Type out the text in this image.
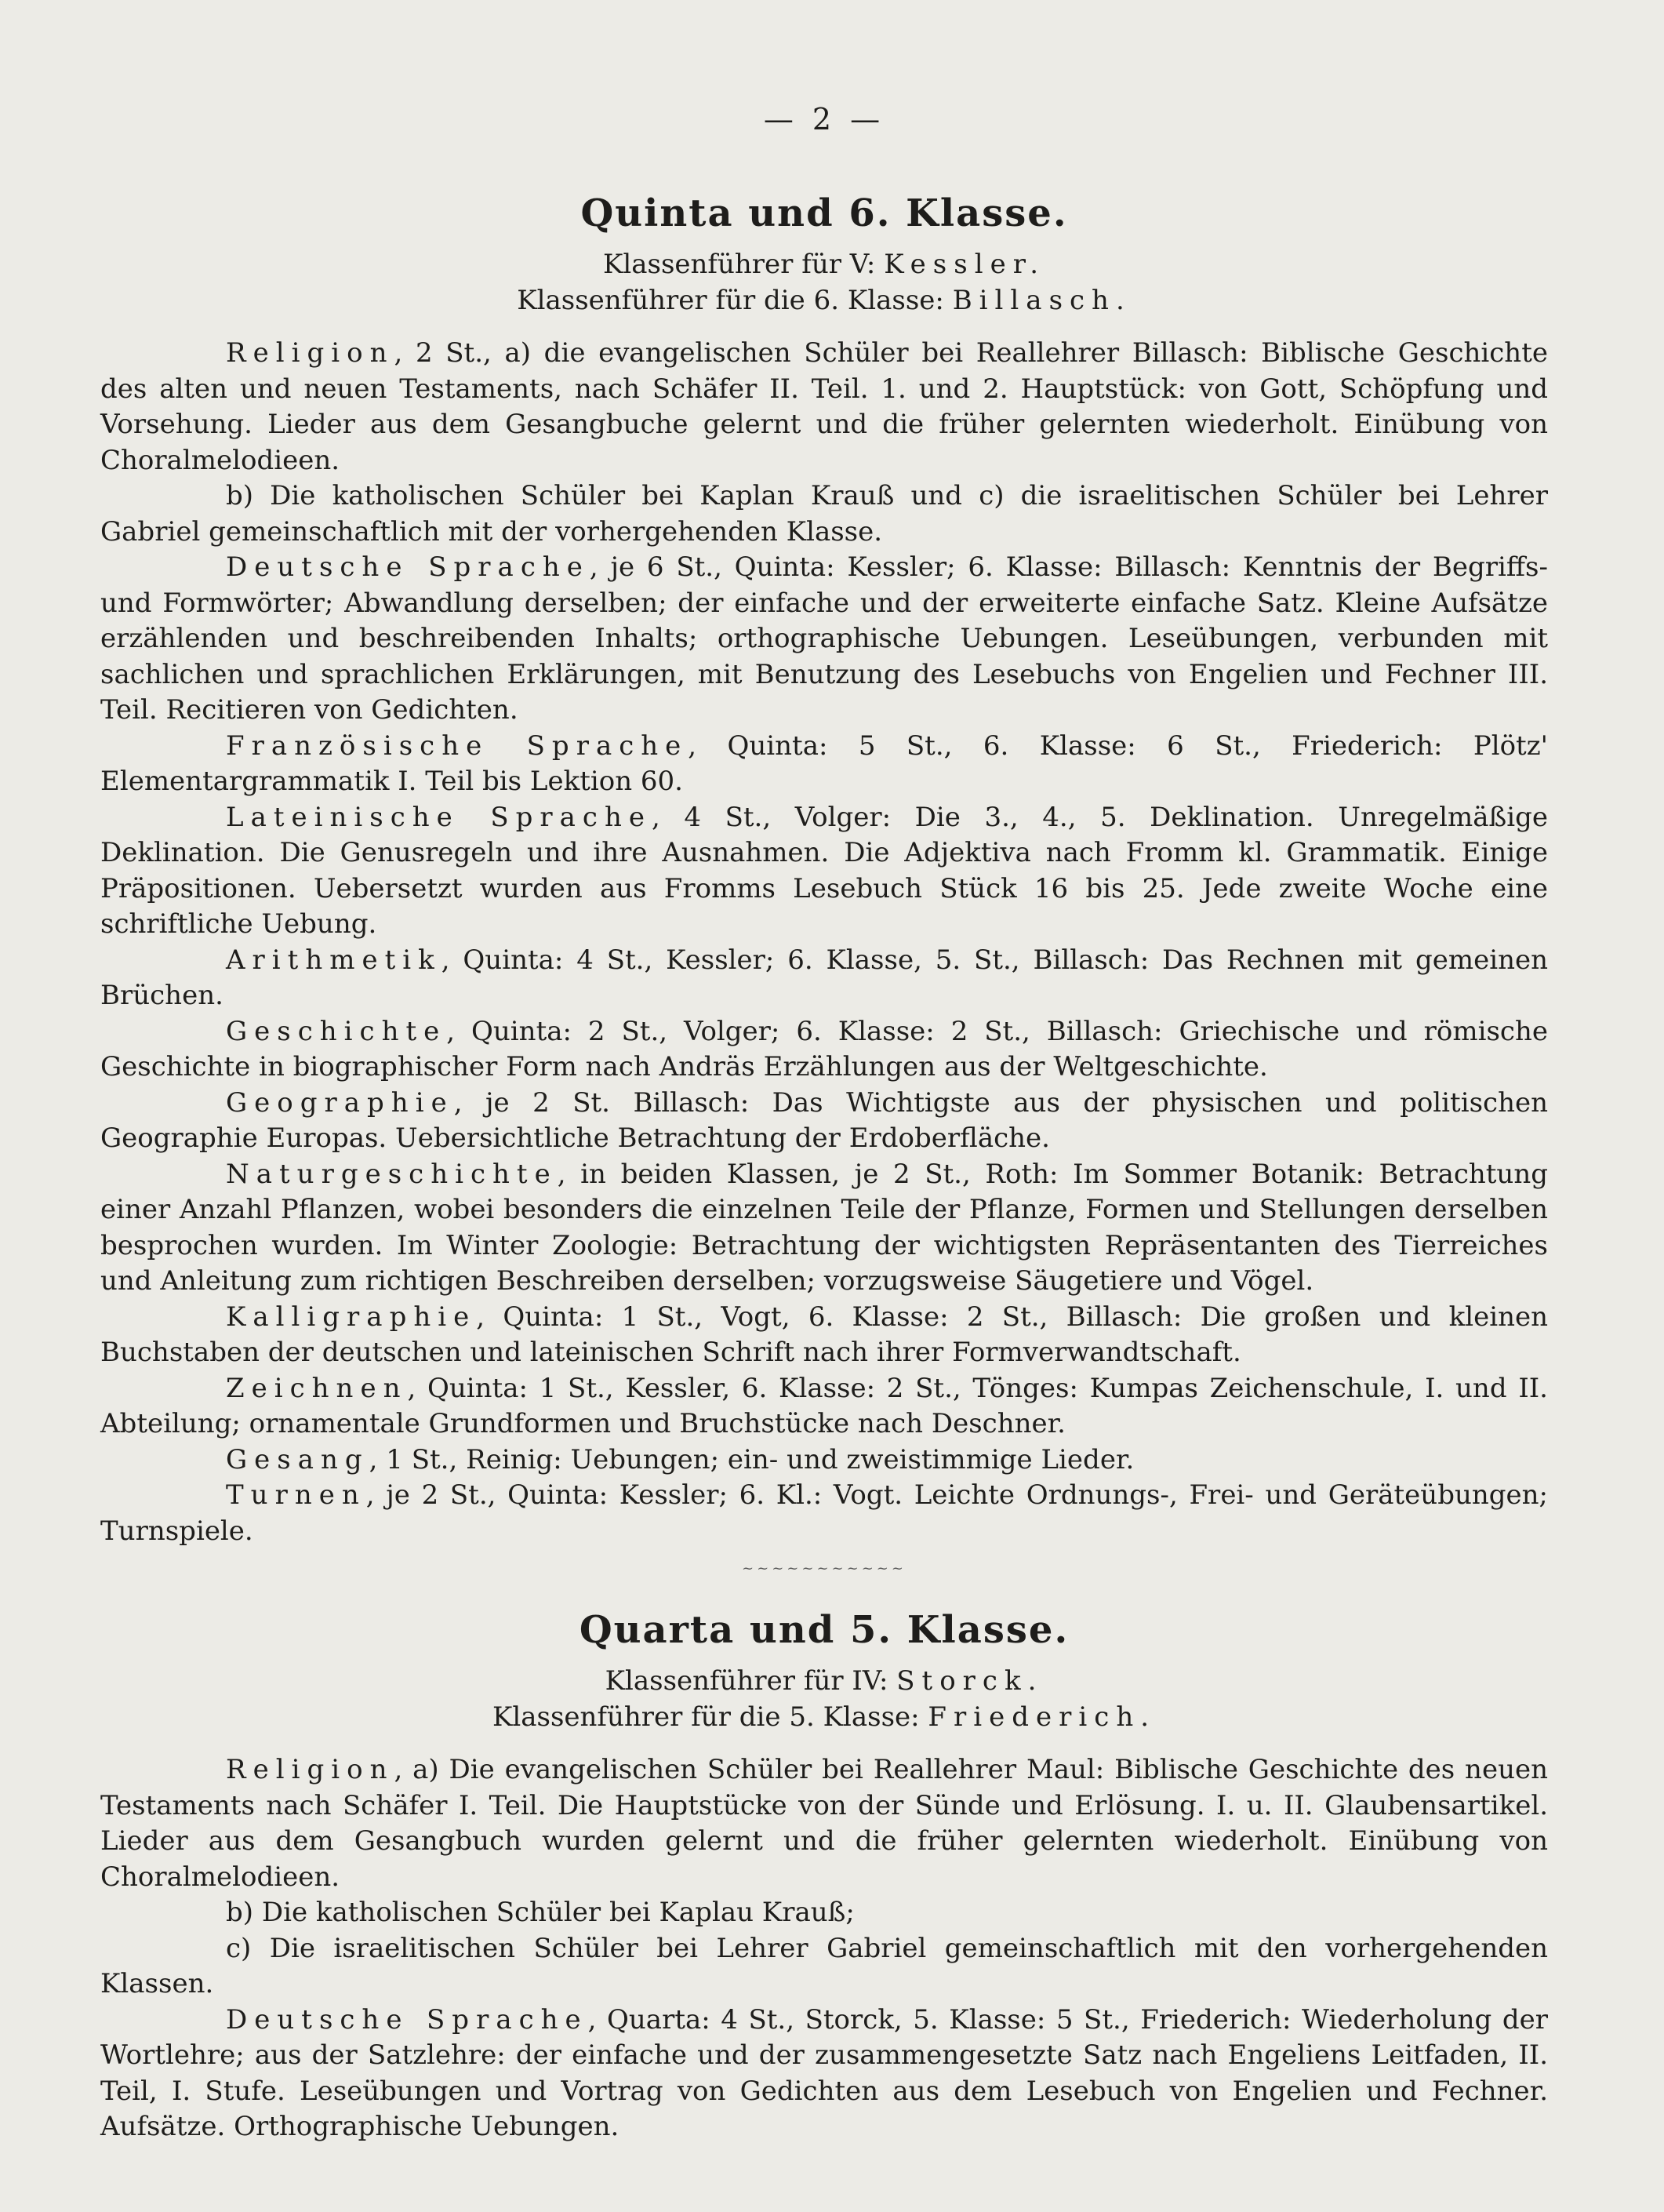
— 2 —
Quinta und 6. Klasse.

Klassenführer für V: Kessler.

Klassenführer für die 6. Klasse: Billasch.

Religion, 2 St., a) die evangelischen Schüler bei Reallehrer Billasch: Biblische Geschichte des alten und neuen Testaments, nach Schäfer II. Teil. 1. und 2. Hauptstück: von Gott, Schöpfung und Vorsehung. Lieder aus dem Gesangbuche gelernt und die früher gelernten wiederholt. Einübung von Choralmelodieen.

b) Die katholischen Schüler bei Kaplan Krauß und c) die israelitischen Schüler bei Lehrer Gabriel gemeinschaftlich mit der vorhergehenden Klasse.

Deutsche Sprache, je 6 St., Quinta: Kessler; 6. Klasse: Billasch: Kenntnis der Begriffs- und Formwörter; Abwandlung derselben; der einfache und der erweiterte einfache Satz. Kleine Aufsätze erzählenden und beschreibenden Inhalts; orthographische Uebungen. Leseübungen, verbunden mit sachlichen und sprachlichen Erklärungen, mit Benutzung des Lesebuchs von Engelien und Fechner III. Teil. Recitieren von Gedichten.

Französische Sprache, Quinta: 5 St., 6. Klasse: 6 St., Friederich: Plötz' Elementargrammatik I. Teil bis Lektion 60.

Lateinische Sprache, 4 St., Volger: Die 3., 4., 5. Deklination. Unregelmäßige Deklination. Die Genusregeln und ihre Ausnahmen. Die Adjektiva nach Fromm kl. Grammatik. Einige Präpositionen. Uebersetzt wurden aus Fromms Lesebuch Stück 16 bis 25. Jede zweite Woche eine schriftliche Uebung.

Arithmetik, Quinta: 4 St., Kessler; 6. Klasse, 5. St., Billasch: Das Rechnen mit gemeinen Brüchen.

Geschichte, Quinta: 2 St., Volger; 6. Klasse: 2 St., Billasch: Griechische und römische Geschichte in biographischer Form nach Andräs Erzählungen aus der Weltgeschichte.

Geographie, je 2 St. Billasch: Das Wichtigste aus der physischen und politischen Geographie Europas. Uebersichtliche Betrachtung der Erdoberfläche.

Naturgeschichte, in beiden Klassen, je 2 St., Roth: Im Sommer Botanik: Betrachtung einer Anzahl Pflanzen, wobei besonders die einzelnen Teile der Pflanze, Formen und Stellungen derselben besprochen wurden. Im Winter Zoologie: Betrachtung der wichtigsten Repräsentanten des Tierreiches und Anleitung zum richtigen Beschreiben derselben; vorzugsweise Säugetiere und Vögel.

Kalligraphie, Quinta: 1 St., Vogt, 6. Klasse: 2 St., Billasch: Die großen und kleinen Buchstaben der deutschen und lateinischen Schrift nach ihrer Formverwandtschaft.

Zeichnen, Quinta: 1 St., Kessler, 6. Klasse: 2 St., Tönges: Kumpas Zeichenschule, I. und II. Abteilung; ornamentale Grundformen und Bruchstücke nach Deschner.

Gesang, 1 St., Reinig: Uebungen; ein- und zweistimmige Lieder.

Turnen, je 2 St., Quinta: Kessler; 6. Kl.: Vogt. Leichte Ordnungs-, Frei- und Geräteübungen; Turnspiele.

~~~~~~~~~~~
Quarta und 5. Klasse.

Klassenführer für IV: Storck.

Klassenführer für die 5. Klasse: Friederich.

Religion, a) Die evangelischen Schüler bei Reallehrer Maul: Biblische Geschichte des neuen Testaments nach Schäfer I. Teil. Die Hauptstücke von der Sünde und Erlösung. I. u. II. Glaubensartikel. Lieder aus dem Gesangbuch wurden gelernt und die früher gelernten wiederholt. Einübung von Choralmelodieen.

b) Die katholischen Schüler bei Kaplau Krauß;

c) Die israelitischen Schüler bei Lehrer Gabriel gemeinschaftlich mit den vorhergehenden Klassen.

Deutsche Sprache, Quarta: 4 St., Storck, 5. Klasse: 5 St., Friederich: Wiederholung der Wortlehre; aus der Satzlehre: der einfache und der zusammengesetzte Satz nach Engeliens Leitfaden, II. Teil, I. Stufe. Leseübungen und Vortrag von Gedichten aus dem Lesebuch von Engelien und Fechner. Aufsätze. Orthographische Uebungen.
